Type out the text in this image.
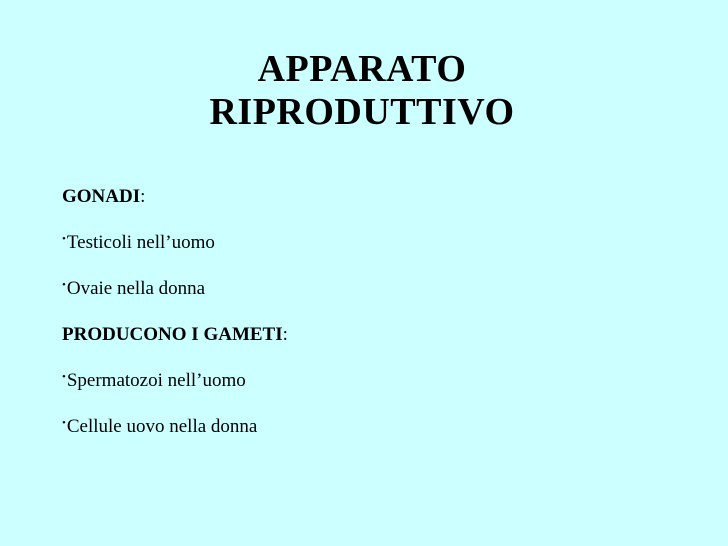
APPARATO
RIPRODUTTIVO
GONADI:
•Testicoli nell’uomo
•Ovaie nella donna
PRODUCONO I GAMETI:
•Spermatozoi nell’uomo
•Cellule uovo nella donna
